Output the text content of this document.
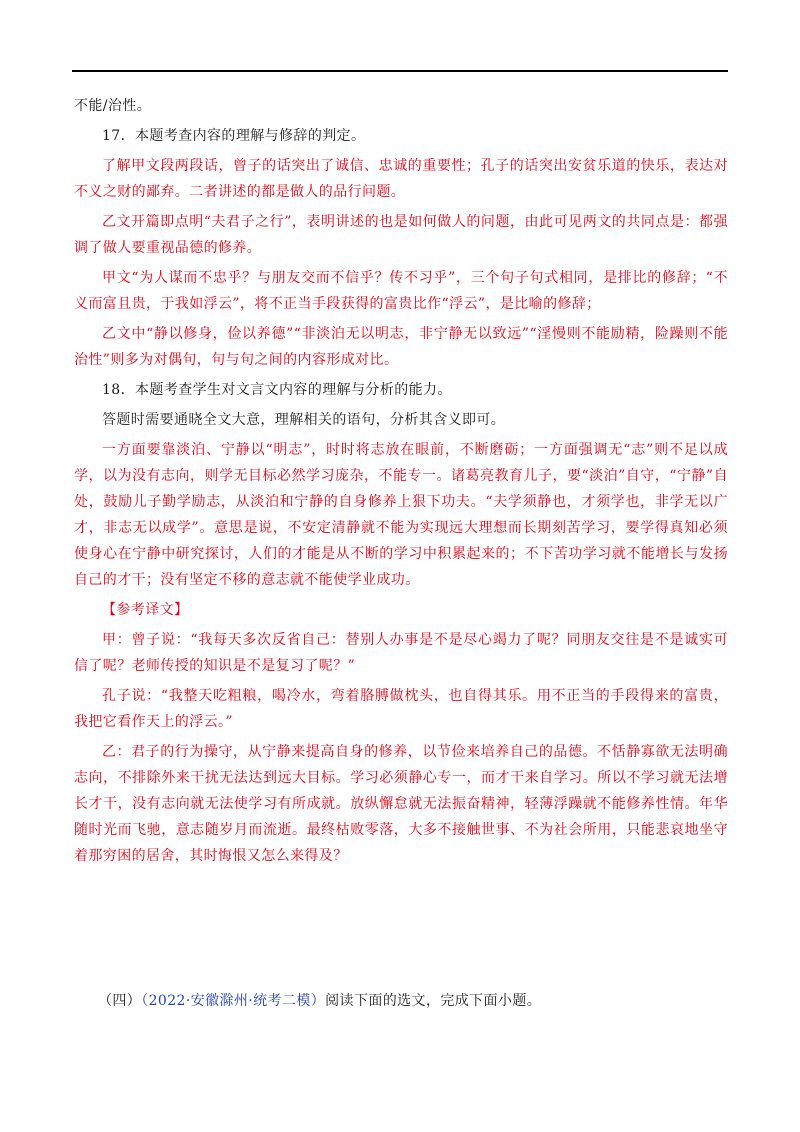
不能/治性。

17．本题考查内容的理解与修辞的判定。

了解甲文段两段话，曾子的话突出了诚信、忠诚的重要性；孔子的话突出安贫乐道的快乐，表达对不义之财的鄙弃。二者讲述的都是做人的品行问题。

乙文开篇即点明“夫君子之行”，表明讲述的也是如何做人的问题，由此可见两文的共同点是：都强调了做人要重视品德的修养。

甲文“为人谋而不忠乎？与朋友交而不信乎？传不习乎”，三个句子句式相同，是排比的修辞；“不义而富且贵，于我如浮云”，将不正当手段获得的富贵比作“浮云”，是比喻的修辞；

乙文中“静以修身，俭以养德”“非淡泊无以明志，非宁静无以致远”“淫慢则不能励精，险躁则不能治性”则多为对偶句，句与句之间的内容形成对比。

18．本题考查学生对文言文内容的理解与分析的能力。

答题时需要通晓全文大意，理解相关的语句，分析其含义即可。

一方面要靠淡泊、宁静以“明志”，时时将志放在眼前，不断磨砺；一方面强调无“志”则不足以成学，以为没有志向，则学无目标必然学习庞杂，不能专一。诸葛亮教育儿子，要“淡泊”自守，“宁静”自处，鼓励儿子勤学励志，从淡泊和宁静的自身修养上狠下功夫。“夫学须静也，才须学也，非学无以广才，非志无以成学”。意思是说，不安定清静就不能为实现远大理想而长期刻苦学习，要学得真知必须使身心在宁静中研究探讨，人们的才能是从不断的学习中积累起来的；不下苦功学习就不能增长与发扬自己的才干；没有坚定不移的意志就不能使学业成功。

【参考译文】

甲：曾子说：“我每天多次反省自己：替别人办事是不是尽心竭力了呢？同朋友交往是不是诚实可信了呢？老师传授的知识是不是复习了呢？”

孔子说：“我整天吃粗粮，喝冷水，弯着胳膊做枕头，也自得其乐。用不正当的手段得来的富贵，我把它看作天上的浮云。”

乙：君子的行为操守，从宁静来提高自身的修养，以节俭来培养自己的品德。不恬静寡欲无法明确志向，不排除外来干扰无法达到远大目标。学习必须静心专一，而才干来自学习。所以不学习就无法增长才干，没有志向就无法使学习有所成就。放纵懈怠就无法振奋精神，轻薄浮躁就不能修养性情。年华随时光而飞驰，意志随岁月而流逝。最终枯败零落，大多不接触世事、不为社会所用，只能悲哀地坐守着那穷困的居舍，其时悔恨又怎么来得及？

（四）（2022·安徽滁州·统考二模）阅读下面的选文，完成下面小题。
